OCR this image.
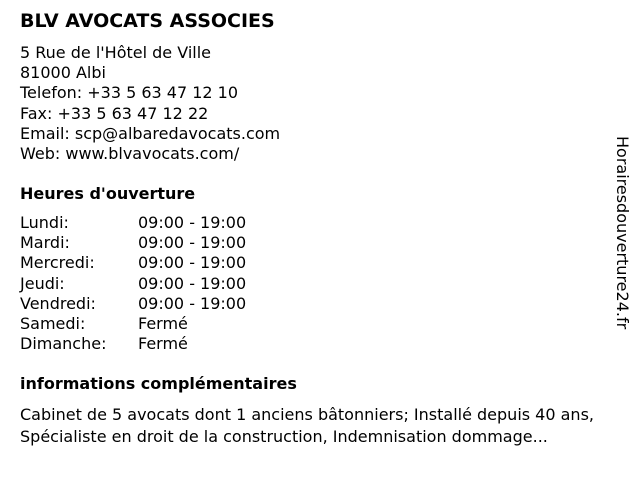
BLV AVOCATS ASSOCIES
5 Rue de l'Hôtel de Ville
81000 Albi
Telefon: +33 5 63 47 12 10
Fax: +33 5 63 47 12 22
Email: scp@albaredavocats.com
Web: www.blvavocats.com/
Heures d'ouverture
Lundi:	09:00 - 19:00
Mardi:	09:00 - 19:00
Mercredi:	09:00 - 19:00
Jeudi:	09:00 - 19:00
Vendredi:	09:00 - 19:00
Samedi:	Fermé
Dimanche: Fermé
informations complémentaires
Cabinet de 5 avocats dont 1 anciens bâtonniers; Installé depuis 40 ans, Spécialiste en droit de la construction, Indemnisation dommage...
Horairesdouverture24.fr
